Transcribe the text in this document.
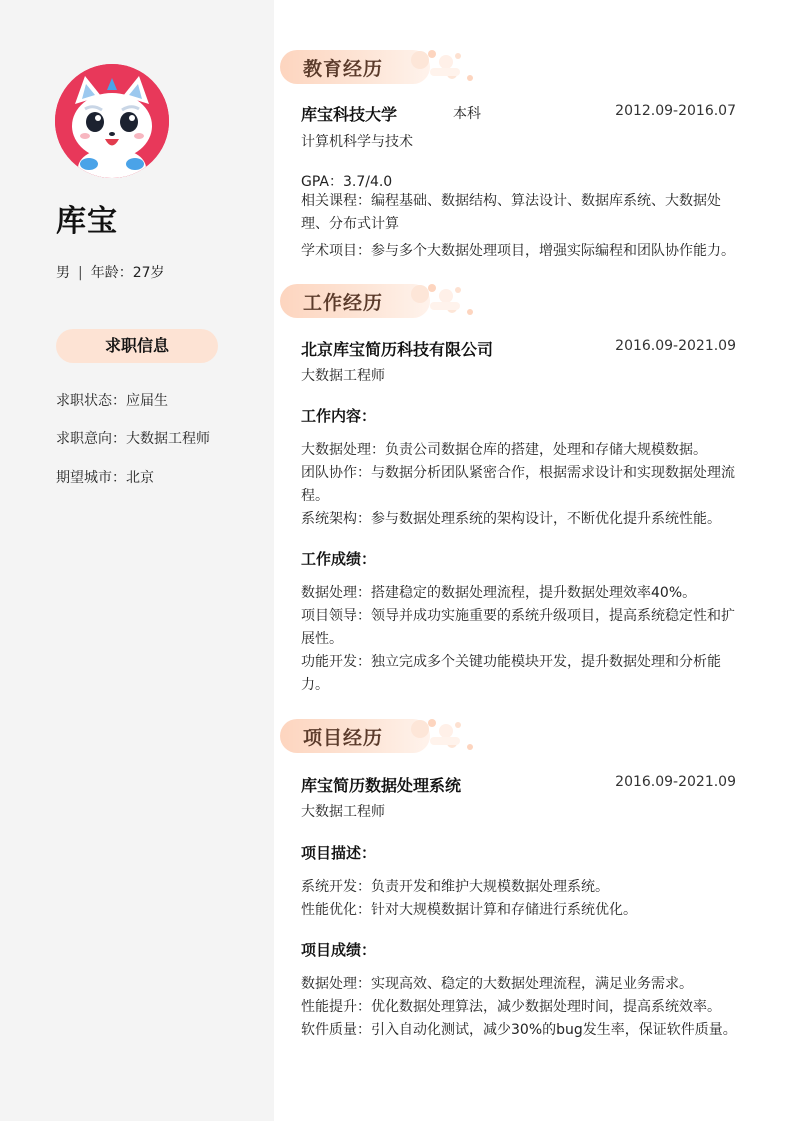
库宝
男 | 年龄：27岁
求职信息
求职状态：应届生
求职意向：大数据工程师
期望城市：北京
教育经历
库宝科技大学	本科	2012.09-2016.07
计算机科学与技术
GPA：3.7/4.0
相关课程：编程基础、数据结构、算法设计、数据库系统、大数据处理、分布式计算
学术项目：参与多个大数据处理项目，增强实际编程和团队协作能力。
工作经历
北京库宝简历科技有限公司	2016.09-2021.09
大数据工程师
工作内容：
大数据处理：负责公司数据仓库的搭建，处理和存储大规模数据。
团队协作：与数据分析团队紧密合作，根据需求设计和实现数据处理流程。
系统架构：参与数据处理系统的架构设计，不断优化提升系统性能。
工作成绩：
数据处理：搭建稳定的数据处理流程，提升数据处理效率40%。
项目领导：领导并成功实施重要的系统升级项目，提高系统稳定性和扩展性。
功能开发：独立完成多个关键功能模块开发，提升数据处理和分析能力。
项目经历
库宝简历数据处理系统	2016.09-2021.09
大数据工程师
项目描述：
系统开发：负责开发和维护大规模数据处理系统。
性能优化：针对大规模数据计算和存储进行系统优化。
项目成绩：
数据处理：实现高效、稳定的大数据处理流程，满足业务需求。
性能提升：优化数据处理算法，减少数据处理时间，提高系统效率。
软件质量：引入自动化测试，减少30%的bug发生率，保证软件质量。
